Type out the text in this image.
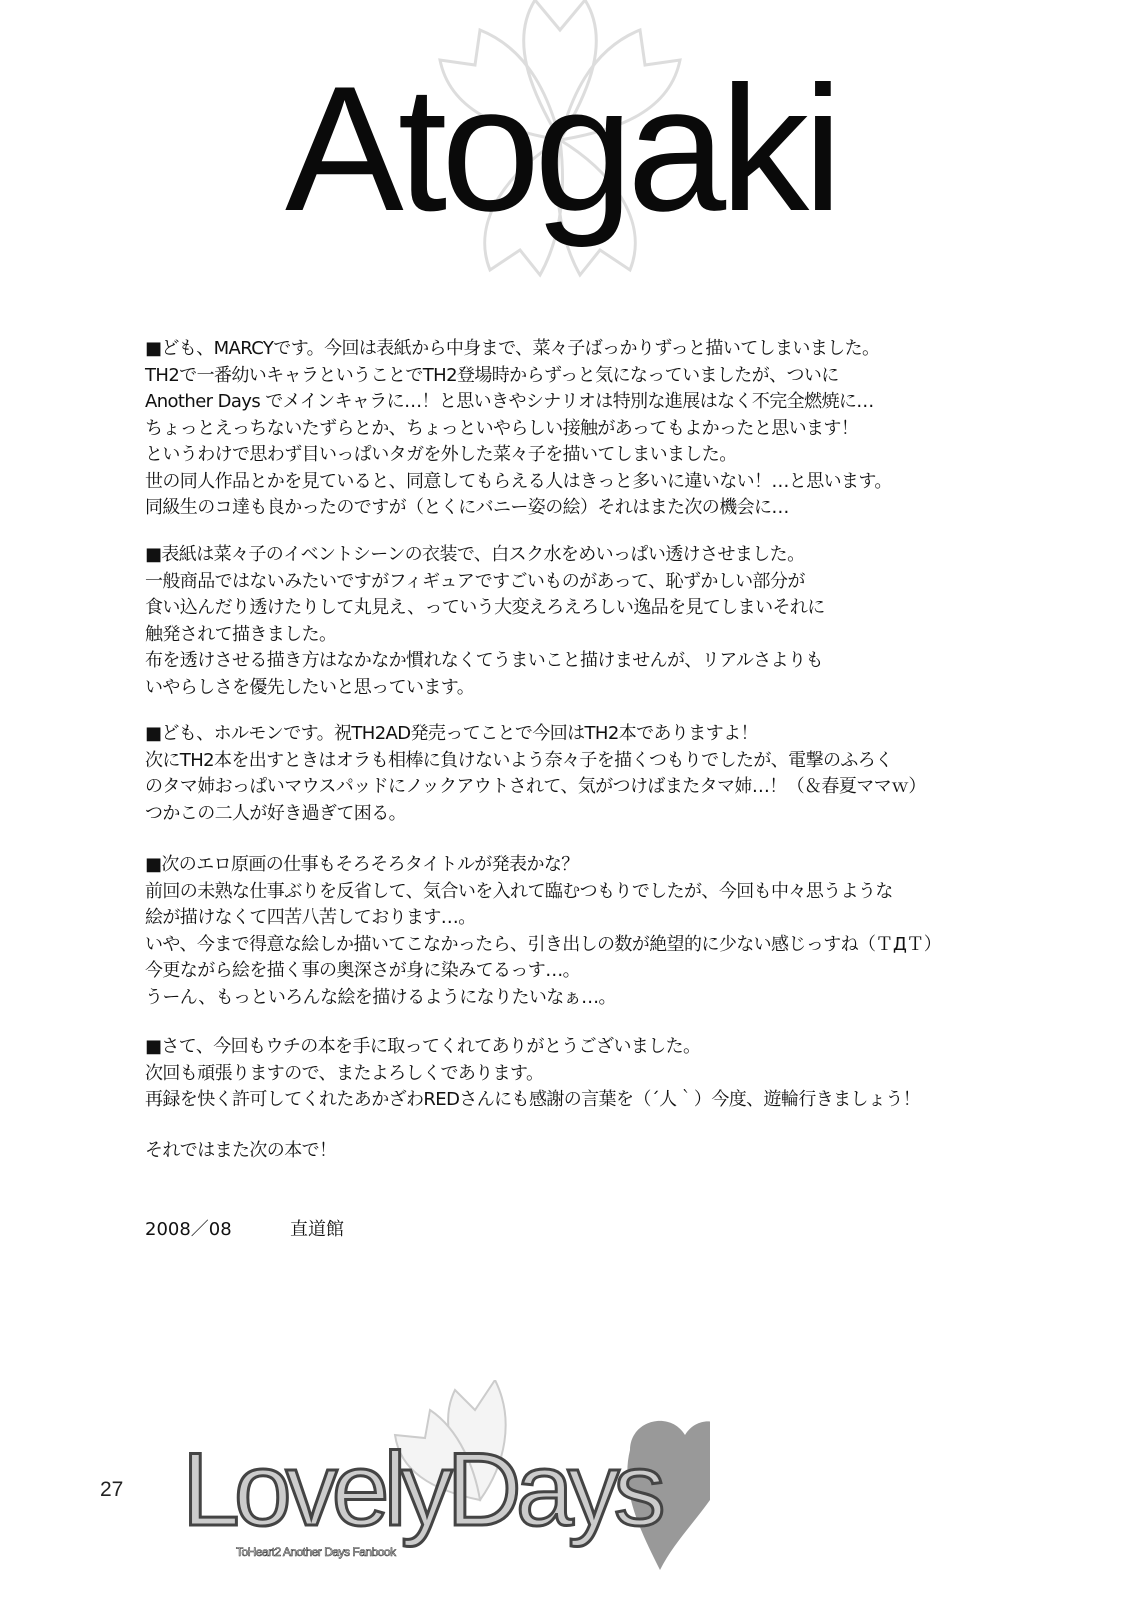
Atogaki
■ども、MARCYです。今回は表紙から中身まで、菜々子ばっかりずっと描いてしまいました。
TH2で一番幼いキャラということでTH2登場時からずっと気になっていましたが、ついに
Another Days でメインキャラに…！と思いきやシナリオは特別な進展はなく不完全燃焼に…
ちょっとえっちないたずらとか、ちょっといやらしい接触があってもよかったと思います！
というわけで思わず目いっぱいタガを外した菜々子を描いてしまいました。
世の同人作品とかを見ていると、同意してもらえる人はきっと多いに違いない！…と思います。
同級生のコ達も良かったのですが（とくにバニー姿の絵）それはまた次の機会に…
■表紙は菜々子のイベントシーンの衣装で、白スク水をめいっぱい透けさせました。
一般商品ではないみたいですがフィギュアですごいものがあって、恥ずかしい部分が
食い込んだり透けたりして丸見え、っていう大変えろえろしい逸品を見てしまいそれに
触発されて描きました。
布を透けさせる描き方はなかなか慣れなくてうまいこと描けませんが、リアルさよりも
いやらしさを優先したいと思っています。
■ども、ホルモンです。祝TH2AD発売ってことで今回はTH2本でありますよ！
次にTH2本を出すときはオラも相棒に負けないよう奈々子を描くつもりでしたが、電撃のふろく
のタマ姉おっぱいマウスパッドにノックアウトされて、気がつけばまたタマ姉…！（＆春夏ママｗ）
つかこの二人が好き過ぎて困る。
■次のエロ原画の仕事もそろそろタイトルが発表かな？
前回の未熟な仕事ぶりを反省して、気合いを入れて臨むつもりでしたが、今回も中々思うような
絵が描けなくて四苦八苦しております…。
いや、今まで得意な絵しか描いてこなかったら、引き出しの数が絶望的に少ない感じっすね（ＴДＴ）
今更ながら絵を描く事の奥深さが身に染みてるっす…。
うーん、もっといろんな絵を描けるようになりたいなぁ…。
■さて、今回もウチの本を手に取ってくれてありがとうございました。
次回も頑張りますので、またよろしくであります。
再録を快く許可してくれたあかざわREDさんにも感謝の言葉を（´人｀）今度、遊輪行きましょう！
それではまた次の本で！
2008／08	直道館
LovelyDays
ToHeart2 Another Days Fanbook
27
